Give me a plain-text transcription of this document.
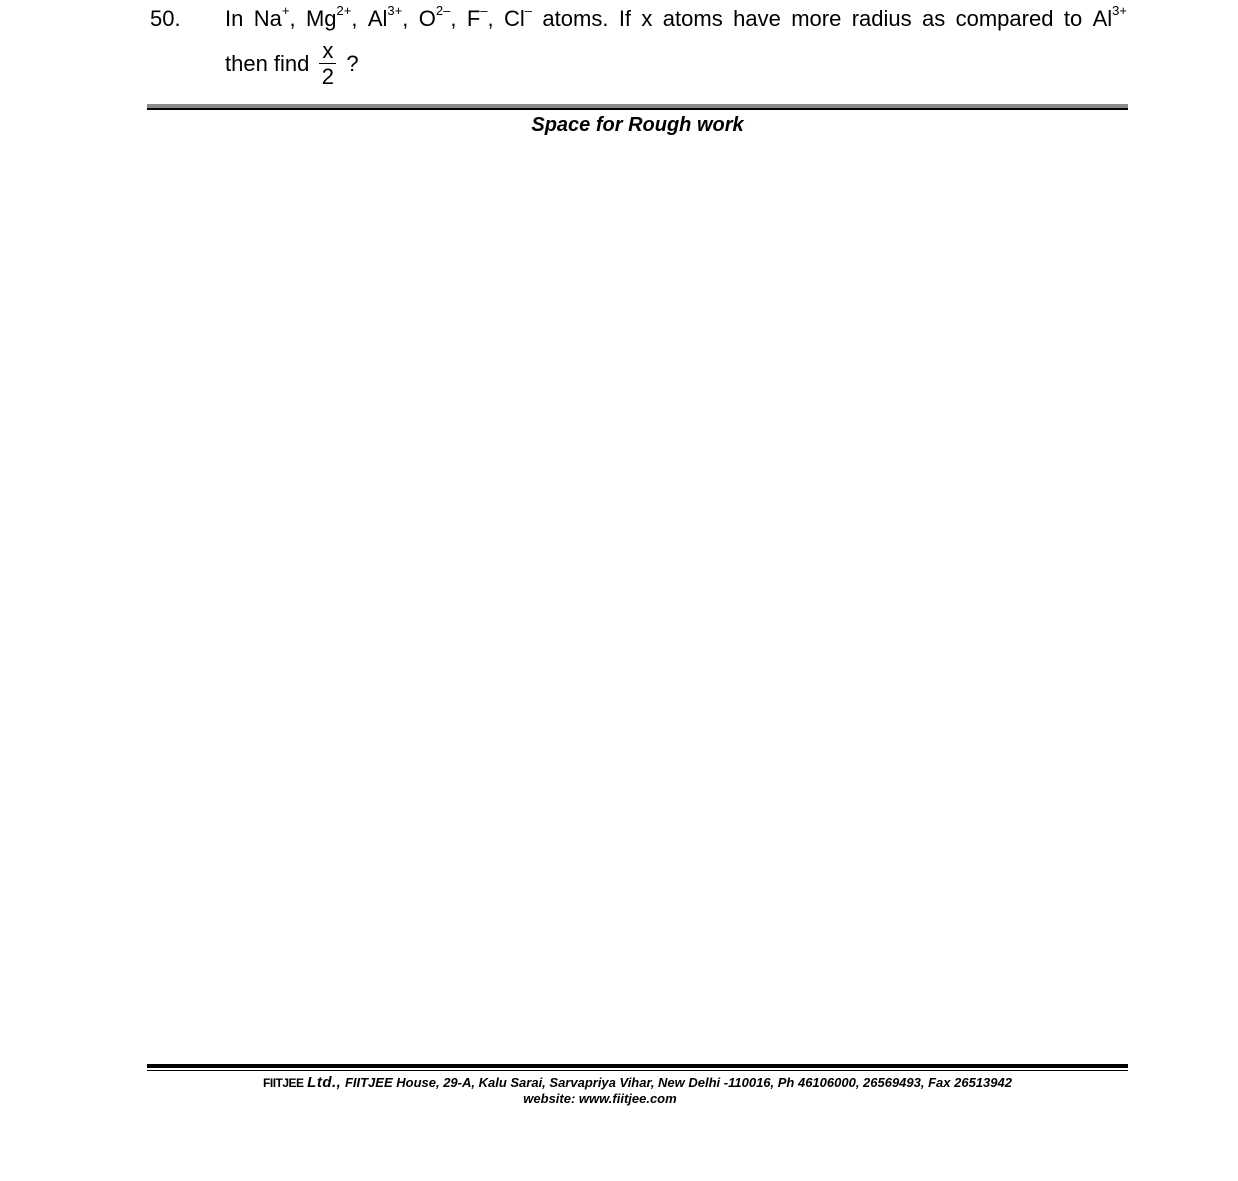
50. In Na+, $Mg^{2+}$, $Al^{3+}$, $O^{2-}$, F–, Cl– atoms. If x atoms have more radius as compared to $Al^{3+}$
then find $\frac{x}{2}$ ?
Space for Rough work
FIITJEE Ltd., FIITJEE House, 29-A, Kalu Sarai, Sarvapriya Vihar, New Delhi -110016, Ph 46106000, 26569493, Fax 26513942
website: www.fiitjee.com
